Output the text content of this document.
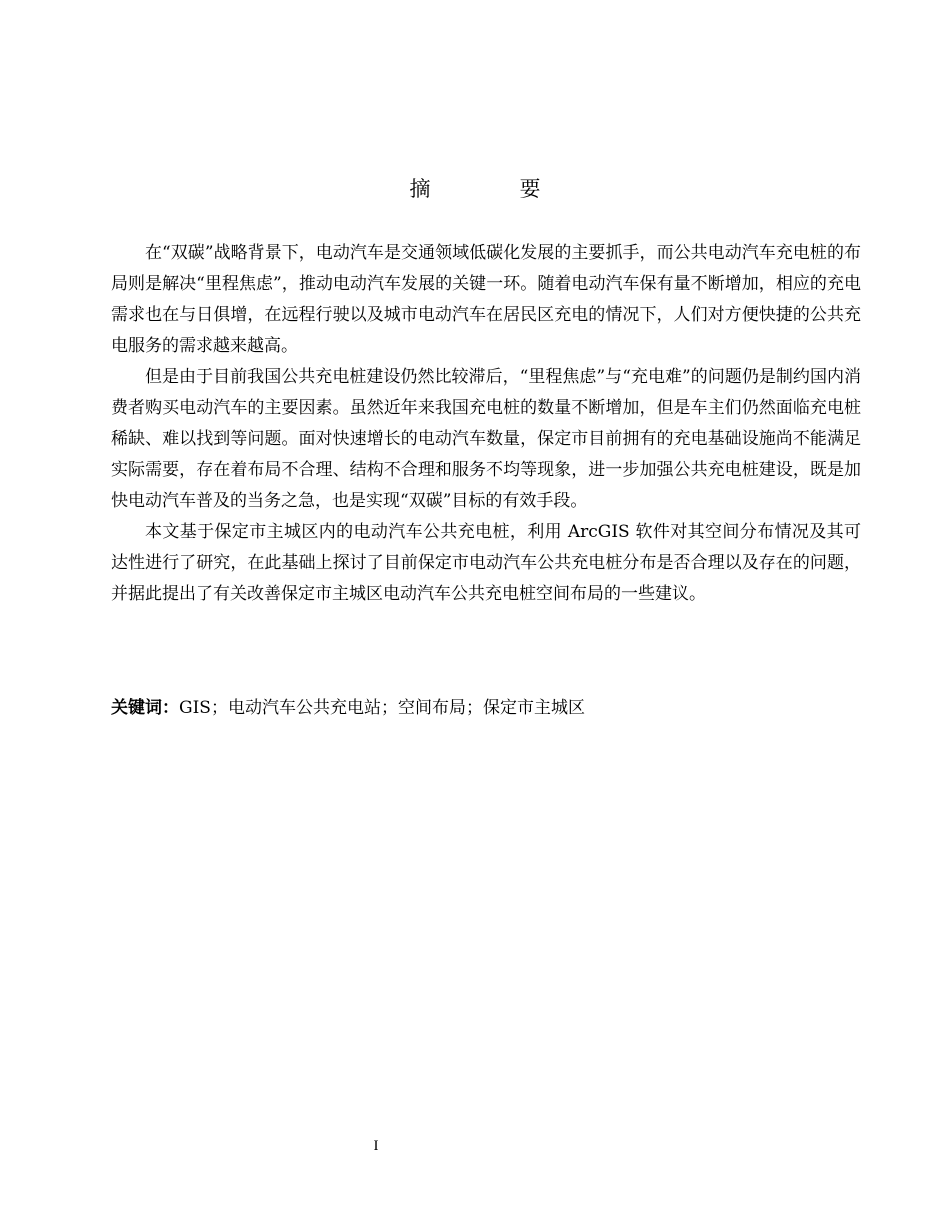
摘　要

在“双碳”战略背景下，电动汽车是交通领域低碳化发展的主要抓手，而公共电动汽车充电桩的布局则是解决“里程焦虑”，推动电动汽车发展的关键一环。随着电动汽车保有量不断增加，相应的充电需求也在与日俱增，在远程行驶以及城市电动汽车在居民区充电的情况下，人们对方便快捷的公共充电服务的需求越来越高。

但是由于目前我国公共充电桩建设仍然比较滞后，“里程焦虑”与“充电难”的问题仍是制约国内消费者购买电动汽车的主要因素。虽然近年来我国充电桩的数量不断增加，但是车主们仍然面临充电桩稀缺、难以找到等问题。面对快速增长的电动汽车数量，保定市目前拥有的充电基础设施尚不能满足实际需要，存在着布局不合理、结构不合理和服务不均等现象，进一步加强公共充电桩建设，既是加快电动汽车普及的当务之急，也是实现“双碳”目标的有效手段。

本文基于保定市主城区内的电动汽车公共充电桩，利用 ArcGIS 软件对其空间分布情况及其可达性进行了研究，在此基础上探讨了目前保定市电动汽车公共充电桩分布是否合理以及存在的问题，并据此提出了有关改善保定市主城区电动汽车公共充电桩空间布局的一些建议。

关键词：GIS；电动汽车公共充电站；空间布局；保定市主城区

I
